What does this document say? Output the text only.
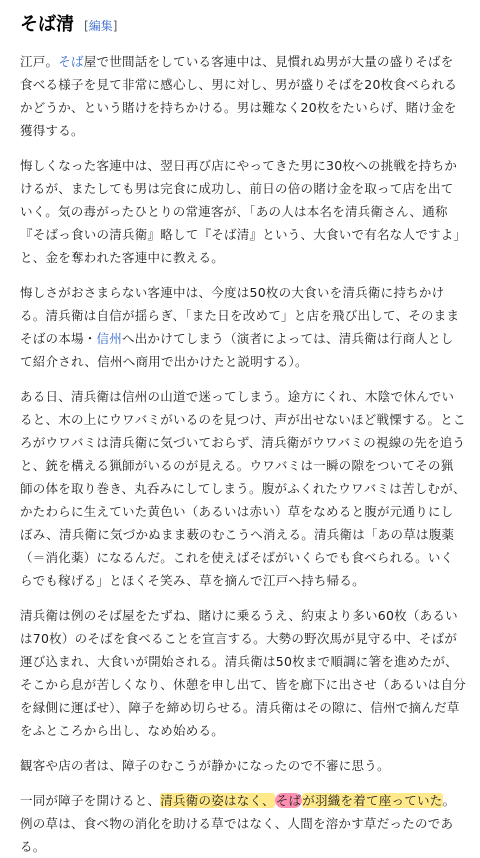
そば清 [編集]

江戸。そば屋で世間話をしている客連中は、見慣れぬ男が大量の盛りそばを食べる様子を見て非常に感心し、男に対し、男が盛りそばを20枚食べられるかどうか、という賭けを持ちかける。男は難なく20枚をたいらげ、賭け金を獲得する。

悔しくなった客連中は、翌日再び店にやってきた男に30枚への挑戦を持ちかけるが、またしても男は完食に成功し、前日の倍の賭け金を取って店を出ていく。気の毒がったひとりの常連客が、「あの人は本名を清兵衛さん、通称『そばっ食いの清兵衛』略して『そば清』という、大食いで有名な人ですよ」と、金を奪われた客連中に教える。

悔しさがおさまらない客連中は、今度は50枚の大食いを清兵衛に持ちかける。清兵衛は自信が揺らぎ、「また日を改めて」と店を飛び出して、そのままそばの本場・信州へ出かけてしまう（演者によっては、清兵衛は行商人として紹介され、信州へ商用で出かけたと説明する）。

ある日、清兵衛は信州の山道で迷ってしまう。途方にくれ、木陰で休んでいると、木の上にウワバミがいるのを見つけ、声が出せないほど戦慄する。ところがウワバミは清兵衛に気づいておらず、清兵衛がウワバミの視線の先を追うと、銃を構える猟師がいるのが見える。ウワバミは一瞬の隙をついてその猟師の体を取り巻き、丸呑みにしてしまう。腹がふくれたウワバミは苦しむが、かたわらに生えていた黄色い（あるいは赤い）草をなめると腹が元通りにしぼみ、清兵衛に気づかぬまま薮のむこうへ消える。清兵衛は「あの草は腹薬（＝消化薬）になるんだ。これを使えばそばがいくらでも食べられる。いくらでも稼げる」とほくそ笑み、草を摘んで江戸へ持ち帰る。

清兵衛は例のそば屋をたずね、賭けに乗るうえ、約束より多い60枚（あるいは70枚）のそばを食べることを宣言する。大勢の野次馬が見守る中、そばが運び込まれ、大食いが開始される。清兵衛は50枚まで順調に箸を進めたが、そこから息が苦しくなり、休憩を申し出て、皆を廊下に出させ（あるいは自分を縁側に運ばせ）、障子を締め切らせる。清兵衛はその隙に、信州で摘んだ草をふところから出し、なめ始める。

観客や店の者は、障子のむこうが静かになったので不審に思う。

一同が障子を開けると、清兵衛の姿はなく、そばが羽織を着て座っていた。例の草は、食べ物の消化を助ける草ではなく、人間を溶かす草だったのである。
